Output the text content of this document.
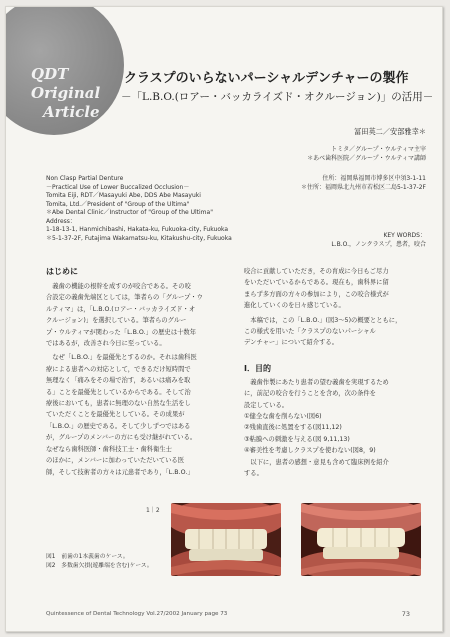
QDT
Original
Article
クラスプのいらないパーシャルデンチャーの製作
－「L.B.O.(ロアー・バッカライズド・オクルージョン)」の活用－
冨田英二／安部雅幸＊
トミタ／グループ・ウルティマ主宰
＊あべ歯科医院／グループ・ウルティマ講師
Non Clasp Partial Denture
－Practical Use of Lower Buccalized Occlusion－
Tomita Eiji, RDT／Masayuki Abe, DDS Abe Masayuki
Tomita, Ltd.／President of "Group of the Ultima"
＊Abe Dental Clinic／Instructor of "Group of the Ultima"
Address：
1-18-13-1, Hanmichibashi, Hakata-ku, Fukuoka-city, Fukuoka
＊5-1-37-2F, Futajima Wakamatsu-ku, Kitakushu-city, Fukuoka
住所：福岡県福岡市博多区中須3-1-11
＊住所：福岡県北九州市若松区二島5-1-37-2F
KEY WORDS：
L.B.O.，ノンクラスプ，患者，咬合
はじめに
　義歯の機能の根幹を成すのが咬合である。その咬
合設定の義歯先端区としては，筆者らの「グループ・ウ
ルティマ」は，「L.B.O.(ロアー・バッカライズド・オ
クルージョン)」を選択している。筆者らのグルー
プ・ウルティマが関わった「L.B.O.」の歴史は十数年
ではあるが，改善され今日に至っている。
　なぜ「L.B.O.」を最優先とするのか。それは歯科医
療による患者への対応として，できるだけ短時間で
無理なく「痛みをその場で治す，あるいは痛みを取
る」ことを最優先としているからである。そして治
療後においても，患者に無理のない自然な生活をし
ていただくことを最優先としている。その成果が
「L.B.O.」の歴史である。そして少しずつではある
が，グループのメンバーの方にも受け継がれている。
なぜなら歯科医師・歯科技工士・歯科衛生士
のほかに，メンバーに加わっていただいている医
師，そして技術者の方々は元患者であり，「L.B.O.」
咬合に貢献していただき，その育成に今日もご尽力
をいただいているからである。現在も，歯科界に留
まらず多方面の方々の参加により，この咬合様式が
進化していくのを日々感じている。
　本稿では，この「L.B.O.」(図3～5)の概要とともに，
この様式を用いた「クラスプのないパーシャル
デンチャー」について紹介する。
Ⅰ．目的
　義歯作製にあたり患者の望む義歯を実現するため
に，前記の咬合を行うことを含め，次の条件を
設定している。
①健全な歯を削らない(図6)
②残歯直後に処置をする(図11,12)
③粘膜への刺激を与える(図 9,11,13)
④審美性を考慮しクラスプを使わない(図8，9)
　以下に，患者の感想・意見も含めて臨床例を紹介
する。
1｜2
図1　前歯の1本義歯のケース。
図2　多数歯欠損(遊離端を含む)ケース。
Quintessence of Dental Technology Vol.27/2002 January page 73	73
